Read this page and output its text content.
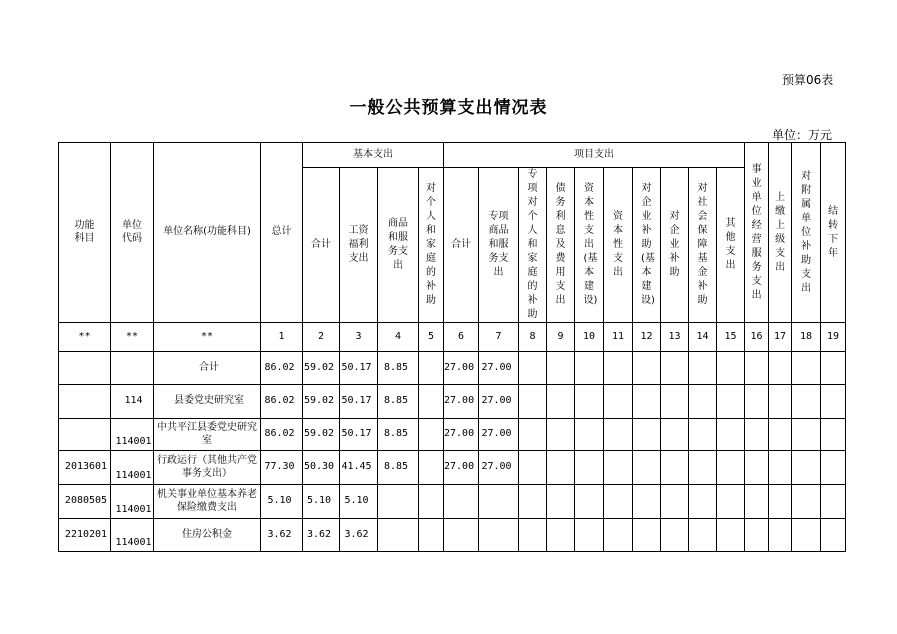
预算06表
一般公共预算支出情况表
单位：万元
功能科目	单位代码	单位名称(功能科目)	总计	基本支出				项目支出										事业单位经营服务支出	上缴上级支出	对附属单位补助支出	结转下年
				合计	工资福利支出	商品和服务支出	对个人和家庭的补助	合计	专项商品和服务支出	专项对个人和家庭的补助	债务利息及费用支出	资本性支出(基本建设)	资本性支出	对企业补助(基本建设)	对企业补助	对社会保障基金补助	其他支出				
**	**	**	1	2	3	4	5	6	7	8	9	10	11	12	13	14	15	16	17	18	19
		合计	86.02	59.02	50.17	8.85		27.00	27.00												
	114	县委党史研究室	86.02	59.02	50.17	8.85		27.00	27.00												
	114001	中共平江县委党史研究室	86.02	59.02	50.17	8.85		27.00	27.00												
2013601	114001	行政运行（其他共产党事务支出）	77.30	50.30	41.45	8.85		27.00	27.00												
2080505	114001	机关事业单位基本养老保险缴费支出	5.10	5.10	5.10																
2210201	114001	住房公积金	3.62	3.62	3.62																
